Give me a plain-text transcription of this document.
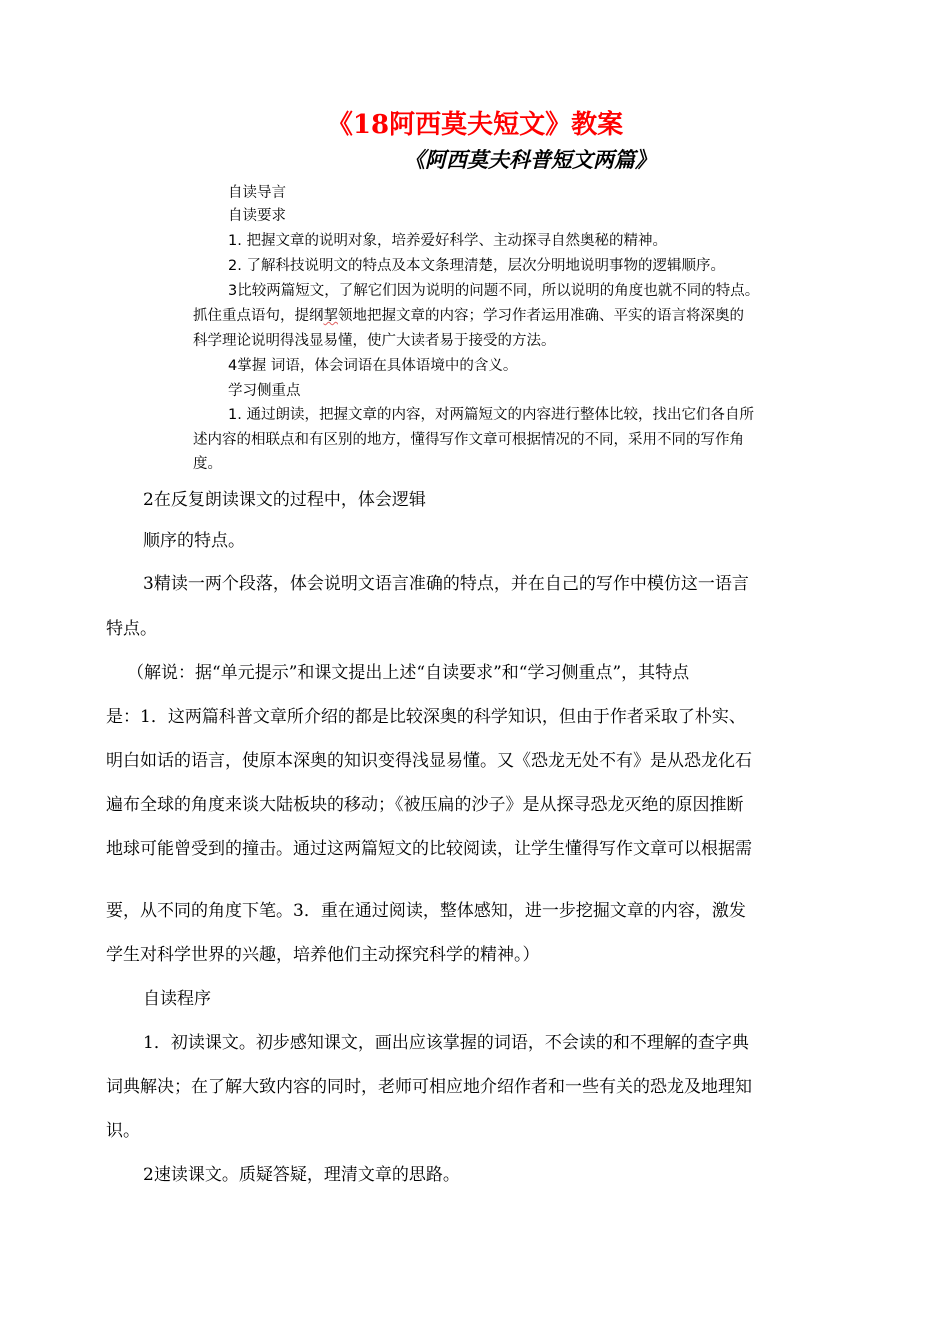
《18阿西莫夫短文》教案
《阿西莫夫科普短文两篇》
自读导言
自读要求
1. 把握文章的说明对象，培养爱好科学、主动探寻自然奥秘的精神。
2. 了解科技说明文的特点及本文条理清楚，层次分明地说明事物的逻辑顺序。
3比较两篇短文，了解它们因为说明的问题不同，所以说明的角度也就不同的特点。
抓住重点语句，提纲挈领地把握文章的内容；学习作者运用准确、平实的语言将深奥的
科学理论说明得浅显易懂，使广大读者易于接受的方法。
4掌握 词语，体会词语在具体语境中的含义。
学习侧重点
1. 通过朗读，把握文章的内容，对两篇短文的内容进行整体比较，找出它们各自所
述内容的相联点和有区别的地方，懂得写作文章可根据情况的不同，采用不同的写作角
度。
2在反复朗读课文的过程中，体会逻辑
顺序的特点。
3精读一两个段落，体会说明文语言准确的特点，并在自己的写作中模仿这一语言
特点。
（解说：据“单元提示”和课文提出上述“自读要求”和“学习侧重点”，其特点
是：1．这两篇科普文章所介绍的都是比较深奥的科学知识，但由于作者采取了朴实、
明白如话的语言，使原本深奥的知识变得浅显易懂。又《恐龙无处不有》是从恐龙化石
遍布全球的角度来谈大陆板块的移动；《被压扁的沙子》是从探寻恐龙灭绝的原因推断
地球可能曾受到的撞击。通过这两篇短文的比较阅读，让学生懂得写作文章可以根据需
要，从不同的角度下笔。3．重在通过阅读，整体感知，进一步挖掘文章的内容，激发
学生对科学世界的兴趣，培养他们主动探究科学的精神。）
自读程序
1．初读课文。初步感知课文，画出应该掌握的词语，不会读的和不理解的查字典
词典解决；在了解大致内容的同时，老师可相应地介绍作者和一些有关的恐龙及地理知
识。
2速读课文。质疑答疑，理清文章的思路。
